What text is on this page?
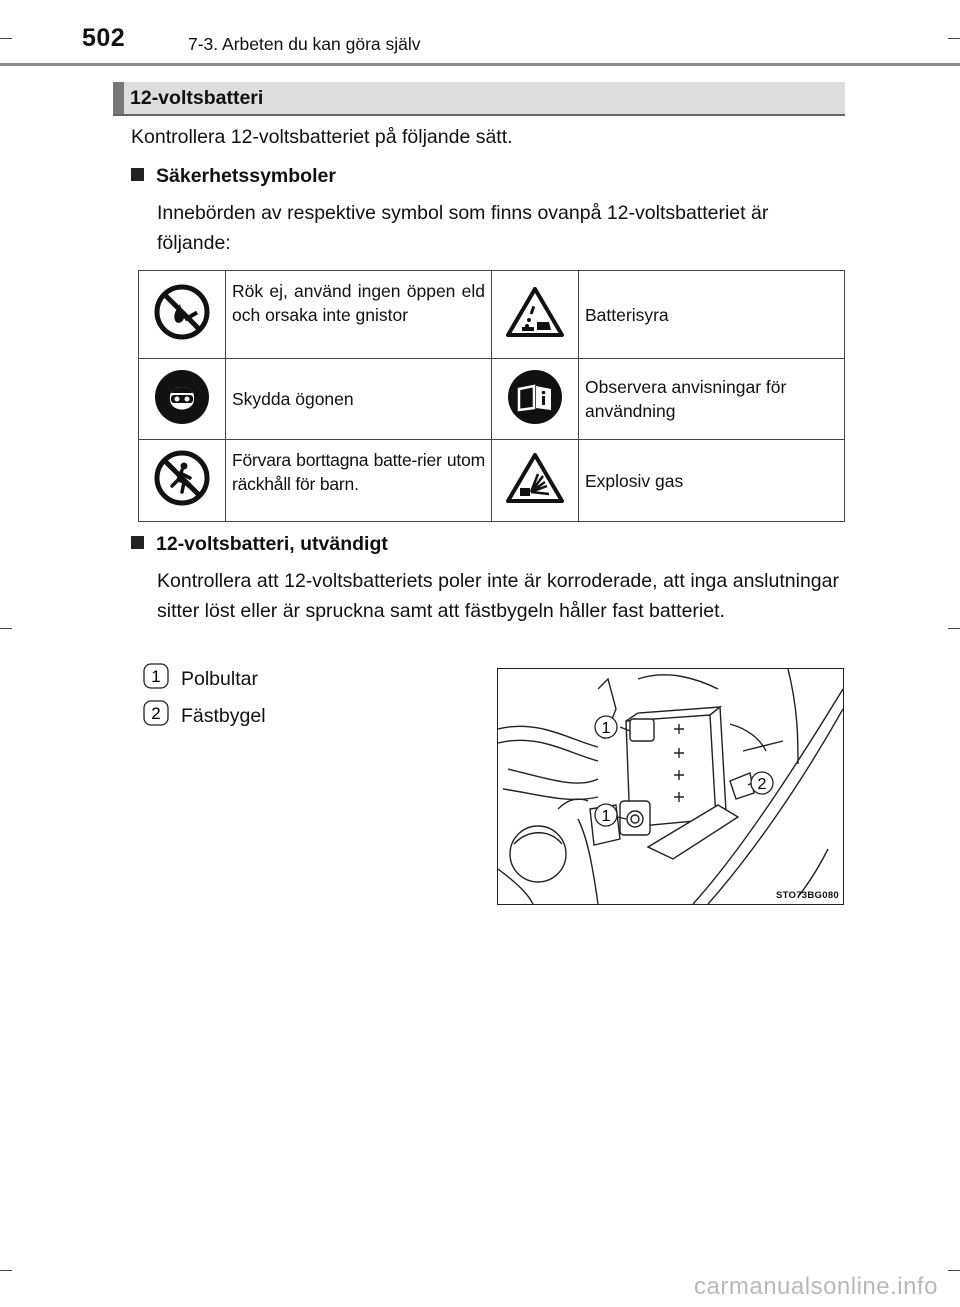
502	7-3. Arbeten du kan göra själv
12-voltsbatteri
Kontrollera 12-voltsbatteriet på följande sätt.
Säkerhetssymboler
Innebörden av respektive symbol som finns ovanpå 12-voltsbatteriet är följande:
	Rök ej, använd ingen öppen eld och orsaka inte gnistor		Batterisyra
	Skydda ögonen		Observera anvisningar för användning
	Förvara borttagna batte-rier utom räckhåll för barn.		Explosiv gas
12-voltsbatteri, utvändigt
Kontrollera att 12-voltsbatteriets poler inte är korroderade, att inga anslutningar sitter löst eller är spruckna samt att fästbygeln håller fast batteriet.
1 Polbultar
2 Fästbygel
1
1
2
STO73BG080
carmanualsonline.info
